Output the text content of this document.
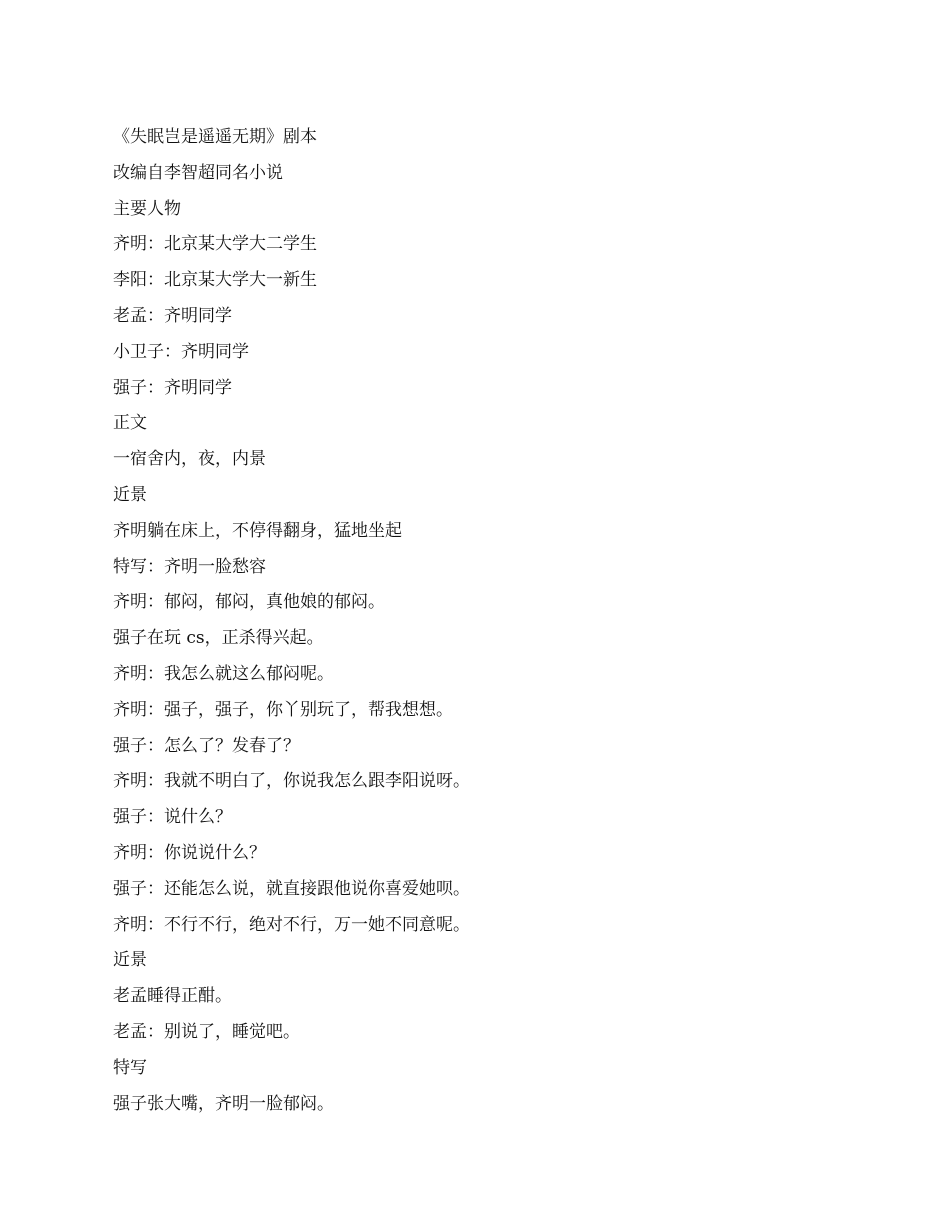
《失眠岂是遥遥无期》剧本
改编自李智超同名小说
主要人物
齐明：北京某大学大二学生
李阳：北京某大学大一新生
老孟：齐明同学
小卫子：齐明同学
强子：齐明同学
正文
一宿舍内，夜，内景
近景
齐明躺在床上，不停得翻身，猛地坐起
特写：齐明一脸愁容
齐明：郁闷，郁闷，真他娘的郁闷。
强子在玩 cs，正杀得兴起。
齐明：我怎么就这么郁闷呢。
齐明：强子，强子，你丫别玩了，帮我想想。
强子：怎么了？发春了？
齐明：我就不明白了，你说我怎么跟李阳说呀。
强子：说什么？
齐明：你说说什么？
强子：还能怎么说，就直接跟他说你喜爱她呗。
齐明：不行不行，绝对不行，万一她不同意呢。
近景
老孟睡得正酣。
老孟：别说了，睡觉吧。
特写
强子张大嘴，齐明一脸郁闷。
